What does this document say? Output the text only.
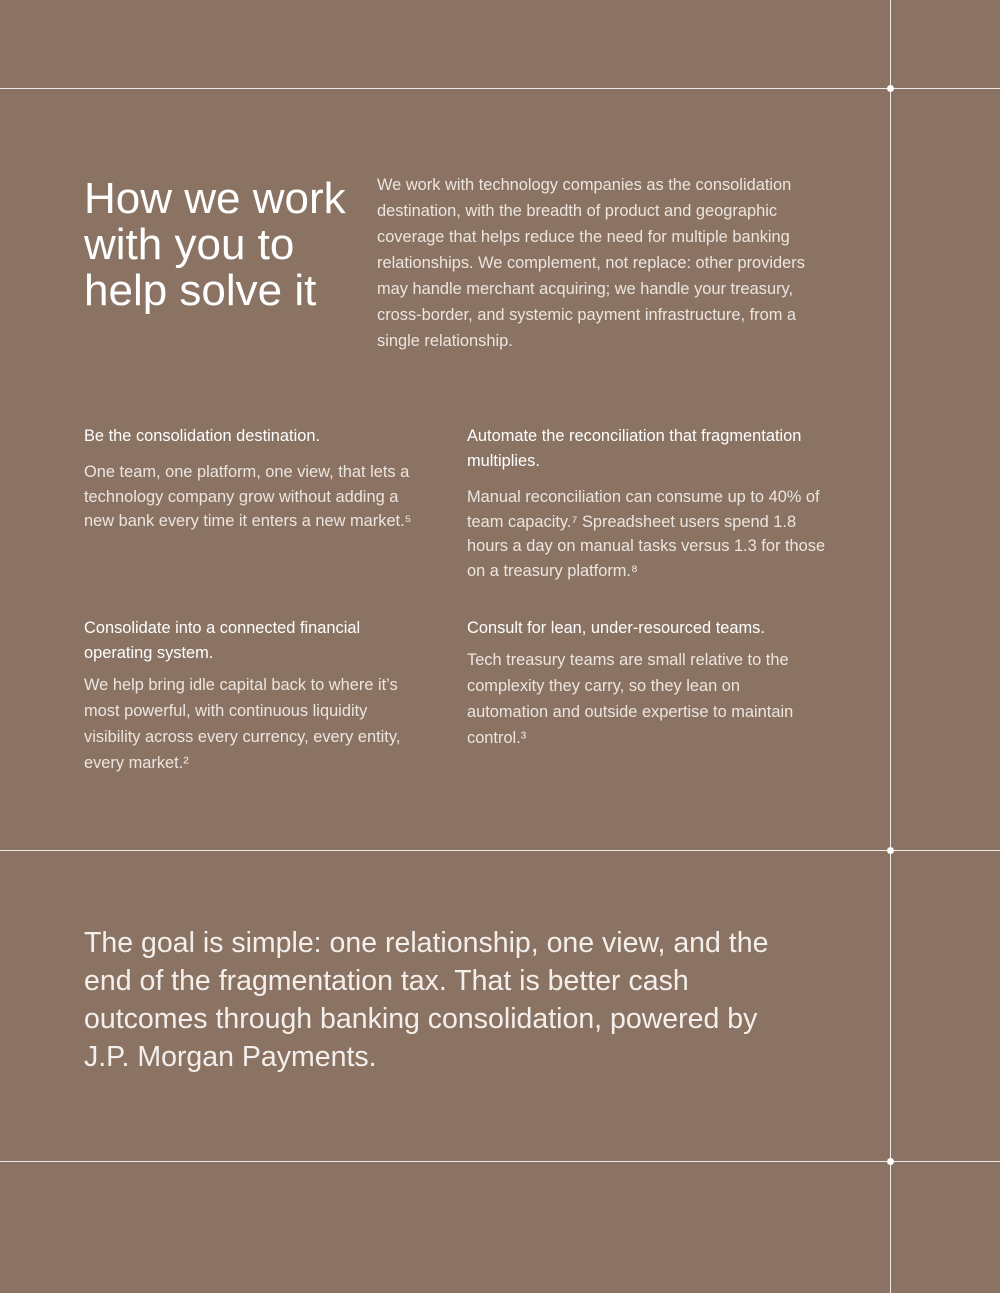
How we work with you to help solve it

We work with technology companies as the consolidation destination, with the breadth of product and geographic coverage that helps reduce the need for multiple banking relationships. We complement, not replace: other providers may handle merchant acquiring; we handle your treasury, cross-border, and systemic payment infrastructure, from a single relationship.

Be the consolidation destination.

One team, one platform, one view, that lets a technology company grow without adding a new bank every time it enters a new market.⁵

Automate the reconciliation that fragmentation multiplies.

Manual reconciliation can consume up to 40% of team capacity.⁷ Spreadsheet users spend 1.8 hours a day on manual tasks versus 1.3 for those on a treasury platform.⁸

Consolidate into a connected financial operating system.

We help bring idle capital back to where it’s most powerful, with continuous liquidity visibility across every currency, every entity, every market.²

Consult for lean, under-resourced teams.

Tech treasury teams are small relative to the complexity they carry, so they lean on automation and outside expertise to maintain control.³

The goal is simple: one relationship, one view, and the end of the fragmentation tax. That is better cash outcomes through banking consolidation, powered by J.P. Morgan Payments.
